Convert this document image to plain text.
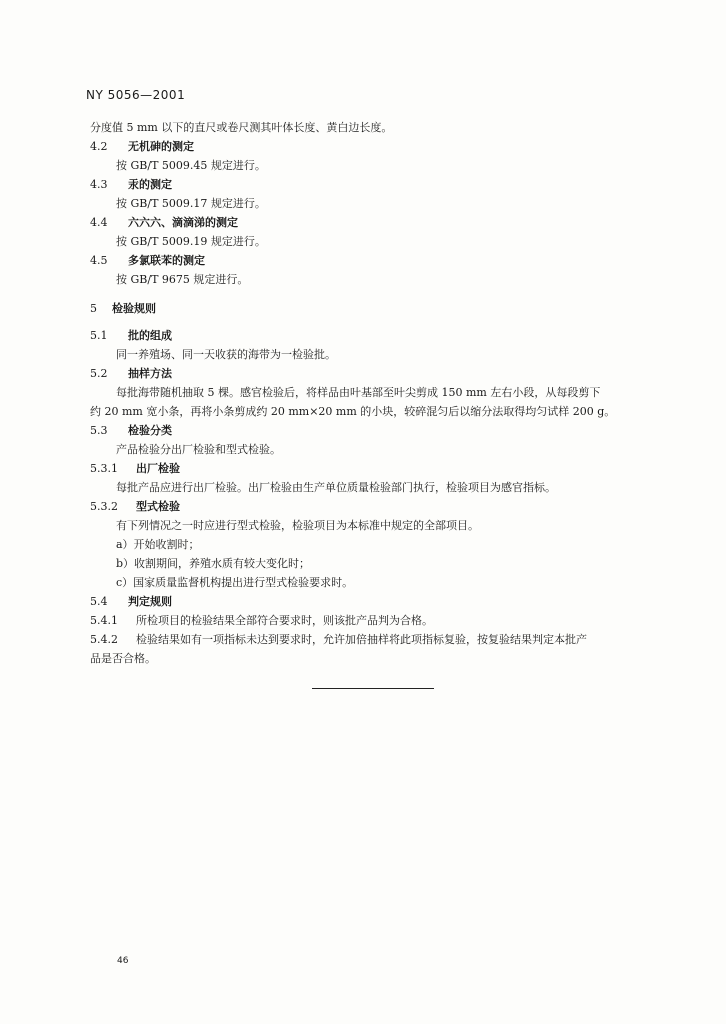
NY 5056—2001
分度值 5 mm 以下的直尺或卷尺测其叶体长度、黄白边长度。
4.2 无机砷的测定
按 GB/T 5009.45 规定进行。
4.3 汞的测定
按 GB/T 5009.17 规定进行。
4.4 六六六、滴滴涕的测定
按 GB/T 5009.19 规定进行。
4.5 多氯联苯的测定
按 GB/T 9675 规定进行。
5 检验规则
5.1 批的组成
同一养殖场、同一天收获的海带为一检验批。
5.2 抽样方法
每批海带随机抽取 5 棵。感官检验后，将样品由叶基部至叶尖剪成 150 mm 左右小段，从每段剪下
约 20 mm 宽小条，再将小条剪成约 20 mm×20 mm 的小块，较碎混匀后以缩分法取得均匀试样 200 g。
5.3 检验分类
产品检验分出厂检验和型式检验。
5.3.1 出厂检验
每批产品应进行出厂检验。出厂检验由生产单位质量检验部门执行，检验项目为感官指标。
5.3.2 型式检验
有下列情况之一时应进行型式检验，检验项目为本标准中规定的全部项目。
a）开始收割时；
b）收割期间，养殖水质有较大变化时；
c）国家质量监督机构提出进行型式检验要求时。
5.4 判定规则
5.4.1 所检项目的检验结果全部符合要求时，则该批产品判为合格。
5.4.2 检验结果如有一项指标未达到要求时，允许加倍抽样将此项指标复验，按复验结果判定本批产
品是否合格。
46
